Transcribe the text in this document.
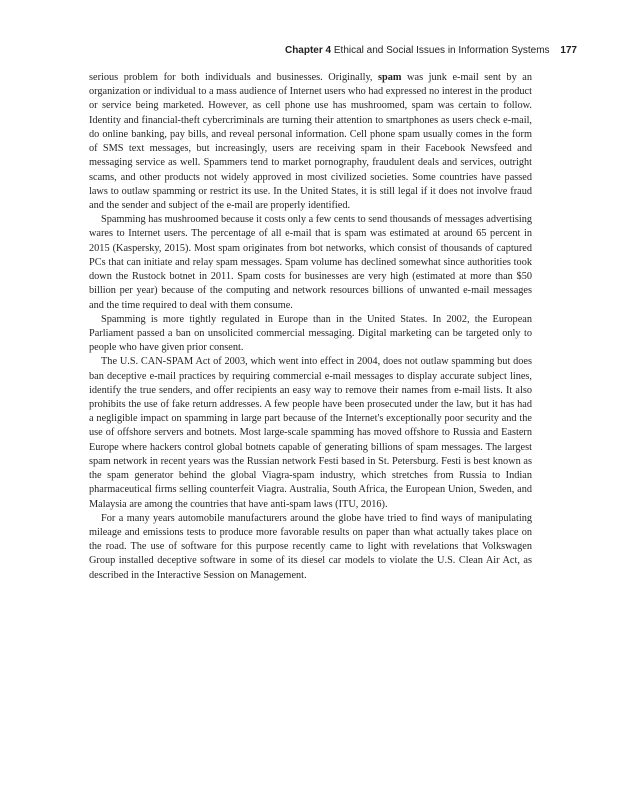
Chapter 4 Ethical and Social Issues in Information Systems 177

serious problem for both individuals and businesses. Originally, spam was junk e-mail sent by an organization or individual to a mass audience of Internet users who had expressed no interest in the product or service being marketed. However, as cell phone use has mushroomed, spam was certain to follow. Identity and financial-theft cybercriminals are turning their attention to smartphones as users check e-mail, do online banking, pay bills, and reveal personal information. Cell phone spam usually comes in the form of SMS text messages, but increasingly, users are receiving spam in their Facebook Newsfeed and messaging service as well. Spammers tend to market pornography, fraudulent deals and services, outright scams, and other products not widely approved in most civilized societies. Some countries have passed laws to outlaw spamming or restrict its use. In the United States, it is still legal if it does not involve fraud and the sender and subject of the e-mail are properly identified.

Spamming has mushroomed because it costs only a few cents to send thousands of messages advertising wares to Internet users. The percentage of all e-mail that is spam was estimated at around 65 percent in 2015 (Kaspersky, 2015). Most spam originates from bot networks, which consist of thousands of captured PCs that can initiate and relay spam messages. Spam volume has declined somewhat since authorities took down the Rustock botnet in 2011. Spam costs for businesses are very high (estimated at more than $50 billion per year) because of the computing and network resources billions of unwanted e-mail messages and the time required to deal with them consume.

Spamming is more tightly regulated in Europe than in the United States. In 2002, the European Parliament passed a ban on unsolicited commercial messaging. Digital marketing can be targeted only to people who have given prior consent.

The U.S. CAN-SPAM Act of 2003, which went into effect in 2004, does not outlaw spamming but does ban deceptive e-mail practices by requiring commercial e-mail messages to display accurate subject lines, identify the true senders, and offer recipients an easy way to remove their names from e-mail lists. It also prohibits the use of fake return addresses. A few people have been prosecuted under the law, but it has had a negligible impact on spamming in large part because of the Internet's exceptionally poor security and the use of offshore servers and botnets. Most large-scale spamming has moved offshore to Russia and Eastern Europe where hackers control global botnets capable of generating billions of spam messages. The largest spam network in recent years was the Russian network Festi based in St. Petersburg. Festi is best known as the spam generator behind the global Viagra-spam industry, which stretches from Russia to Indian pharmaceutical firms selling counterfeit Viagra. Australia, South Africa, the European Union, Sweden, and Malaysia are among the countries that have anti-spam laws (ITU, 2016).

For a many years automobile manufacturers around the globe have tried to find ways of manipulating mileage and emissions tests to produce more favorable results on paper than what actually takes place on the road. The use of software for this purpose recently came to light with revelations that Volkswagen Group installed deceptive software in some of its diesel car models to violate the U.S. Clean Air Act, as described in the Interactive Session on Management.
